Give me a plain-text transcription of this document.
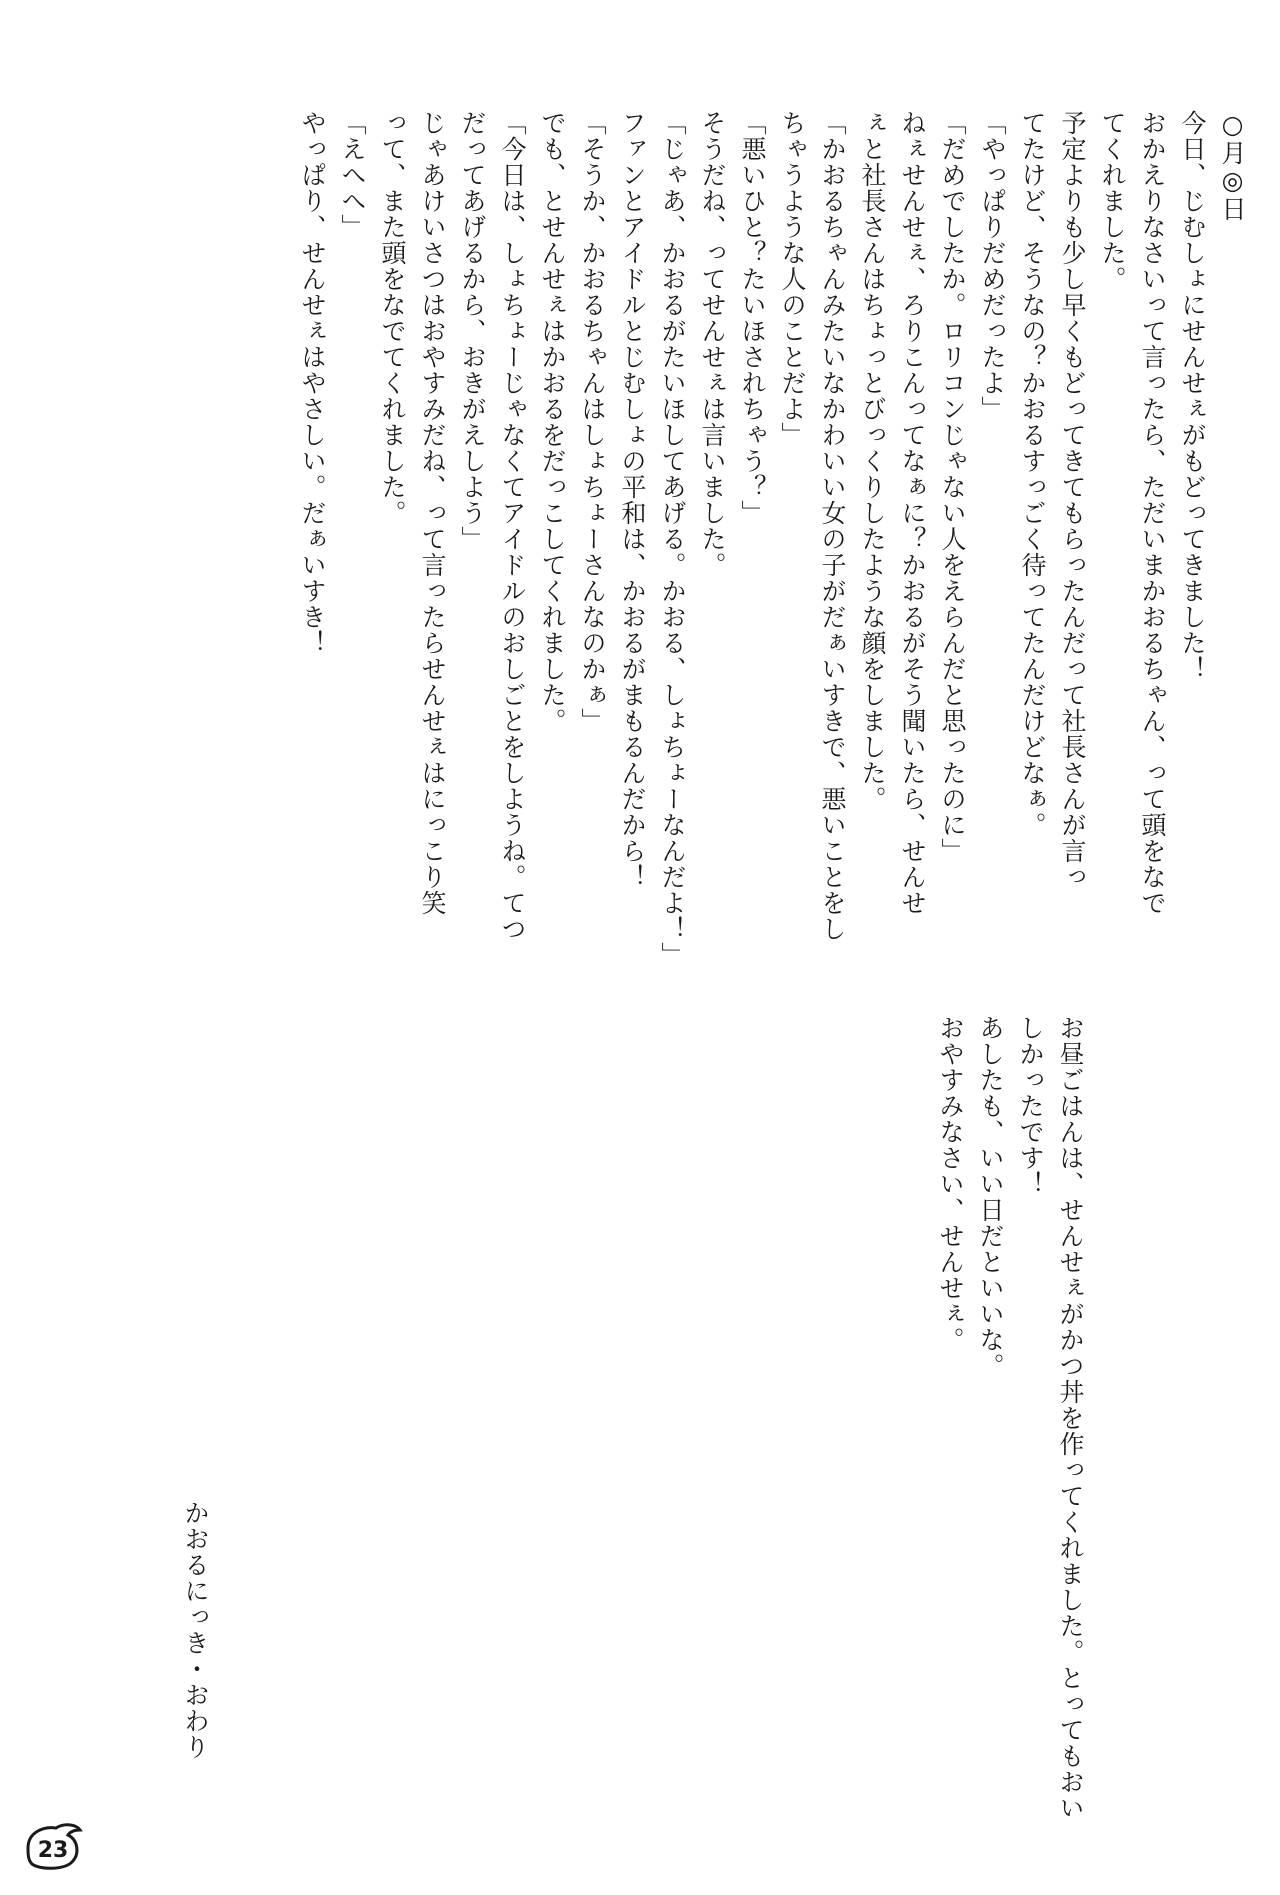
○月◎日
今日、じむしょにせんせぇがもどってきました！
おかえりなさいって言ったら、ただいまかおるちゃん、って頭をなで
てくれました。
予定よりも少し早くもどってきてもらったんだって社長さんが言っ
てたけど、そうなの？かおるすっごく待ってたんだけどなぁ。
「やっぱりだめだったよ」
「だめでしたか。ロリコンじゃない人をえらんだと思ったのに」
ねぇせんせぇ、ろりこんってなぁに？かおるがそう聞いたら、せんせ
ぇと社長さんはちょっとびっくりしたような顔をしました。
「かおるちゃんみたいなかわいい女の子がだぁいすきで、悪いことをし
ちゃうような人のことだよ」
「悪いひと？たいほされちゃう？」
そうだね、ってせんせぇは言いました。
「じゃあ、かおるがたいほしてあげる。かおる、しょちょーなんだよ！」
ファンとアイドルとじむしょの平和は、かおるがまもるんだから！
「そうか、かおるちゃんはしょちょーさんなのかぁ」
でも、とせんせぇはかおるをだっこしてくれました。
「今日は、しょちょーじゃなくてアイドルのおしごとをしようね。てつ
だってあげるから、おきがえしよう」
じゃあけいさつはおやすみだね、って言ったらせんせぇはにっこり笑
って、また頭をなでてくれました。
「えへへ」
やっぱり、せんせぇはやさしい。だぁいすき！
お昼ごはんは、せんせぇがかつ丼を作ってくれました。とってもおい
しかったです！
あしたも、いい日だといいな。
おやすみなさい、せんせぇ。
かおるにっき・おわり
23
